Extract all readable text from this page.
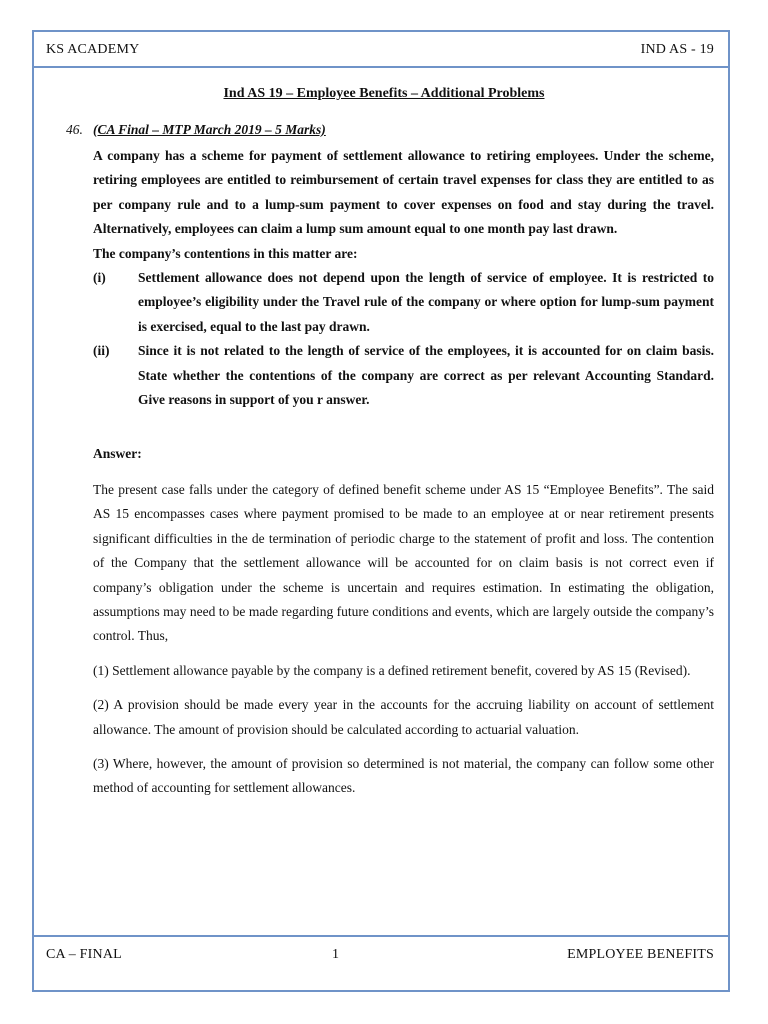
KS ACADEMY	IND AS - 19
Ind AS 19 – Employee Benefits – Additional Problems
46. (CA Final – MTP March 2019 – 5 Marks)

A company has a scheme for payment of settlement allowance to retiring employees. Under the scheme, retiring employees are entitled to reimbursement of certain travel expenses for class they are entitled to as per company rule and to a lump-sum payment to cover expenses on food and stay during the travel. Alternatively, employees can claim a lump sum amount equal to one month pay last drawn.

The company’s contentions in this matter are:

(i) Settlement allowance does not depend upon the length of service of employee. It is restricted to employee’s eligibility under the Travel rule of the company or where option for lump-sum payment is exercised, equal to the last pay drawn.
(ii) Since it is not related to the length of service of the employees, it is accounted for on claim basis. State whether the contentions of the company are correct as per relevant Accounting Standard. Give reasons in support of you r answer.
Answer:

The present case falls under the category of defined benefit scheme under AS 15 “Employee Benefits”. The said AS 15 encompasses cases where payment promised to be made to an employee at or near retirement presents significant difficulties in the de termination of periodic charge to the statement of profit and loss. The contention of the Company that the settlement allowance will be accounted for on claim basis is not correct even if company’s obligation under the scheme is uncertain and requires estimation. In estimating the obligation, assumptions may need to be made regarding future conditions and events, which are largely outside the company’s control. Thus,

(1) Settlement allowance payable by the company is a defined retirement benefit, covered by AS 15 (Revised).

(2) A provision should be made every year in the accounts for the accruing liability on account of settlement allowance. The amount of provision should be calculated according to actuarial valuation.

(3) Where, however, the amount of provision so determined is not material, the company can follow some other method of accounting for settlement allowances.

CA – FINAL	1	EMPLOYEE BENEFITS
